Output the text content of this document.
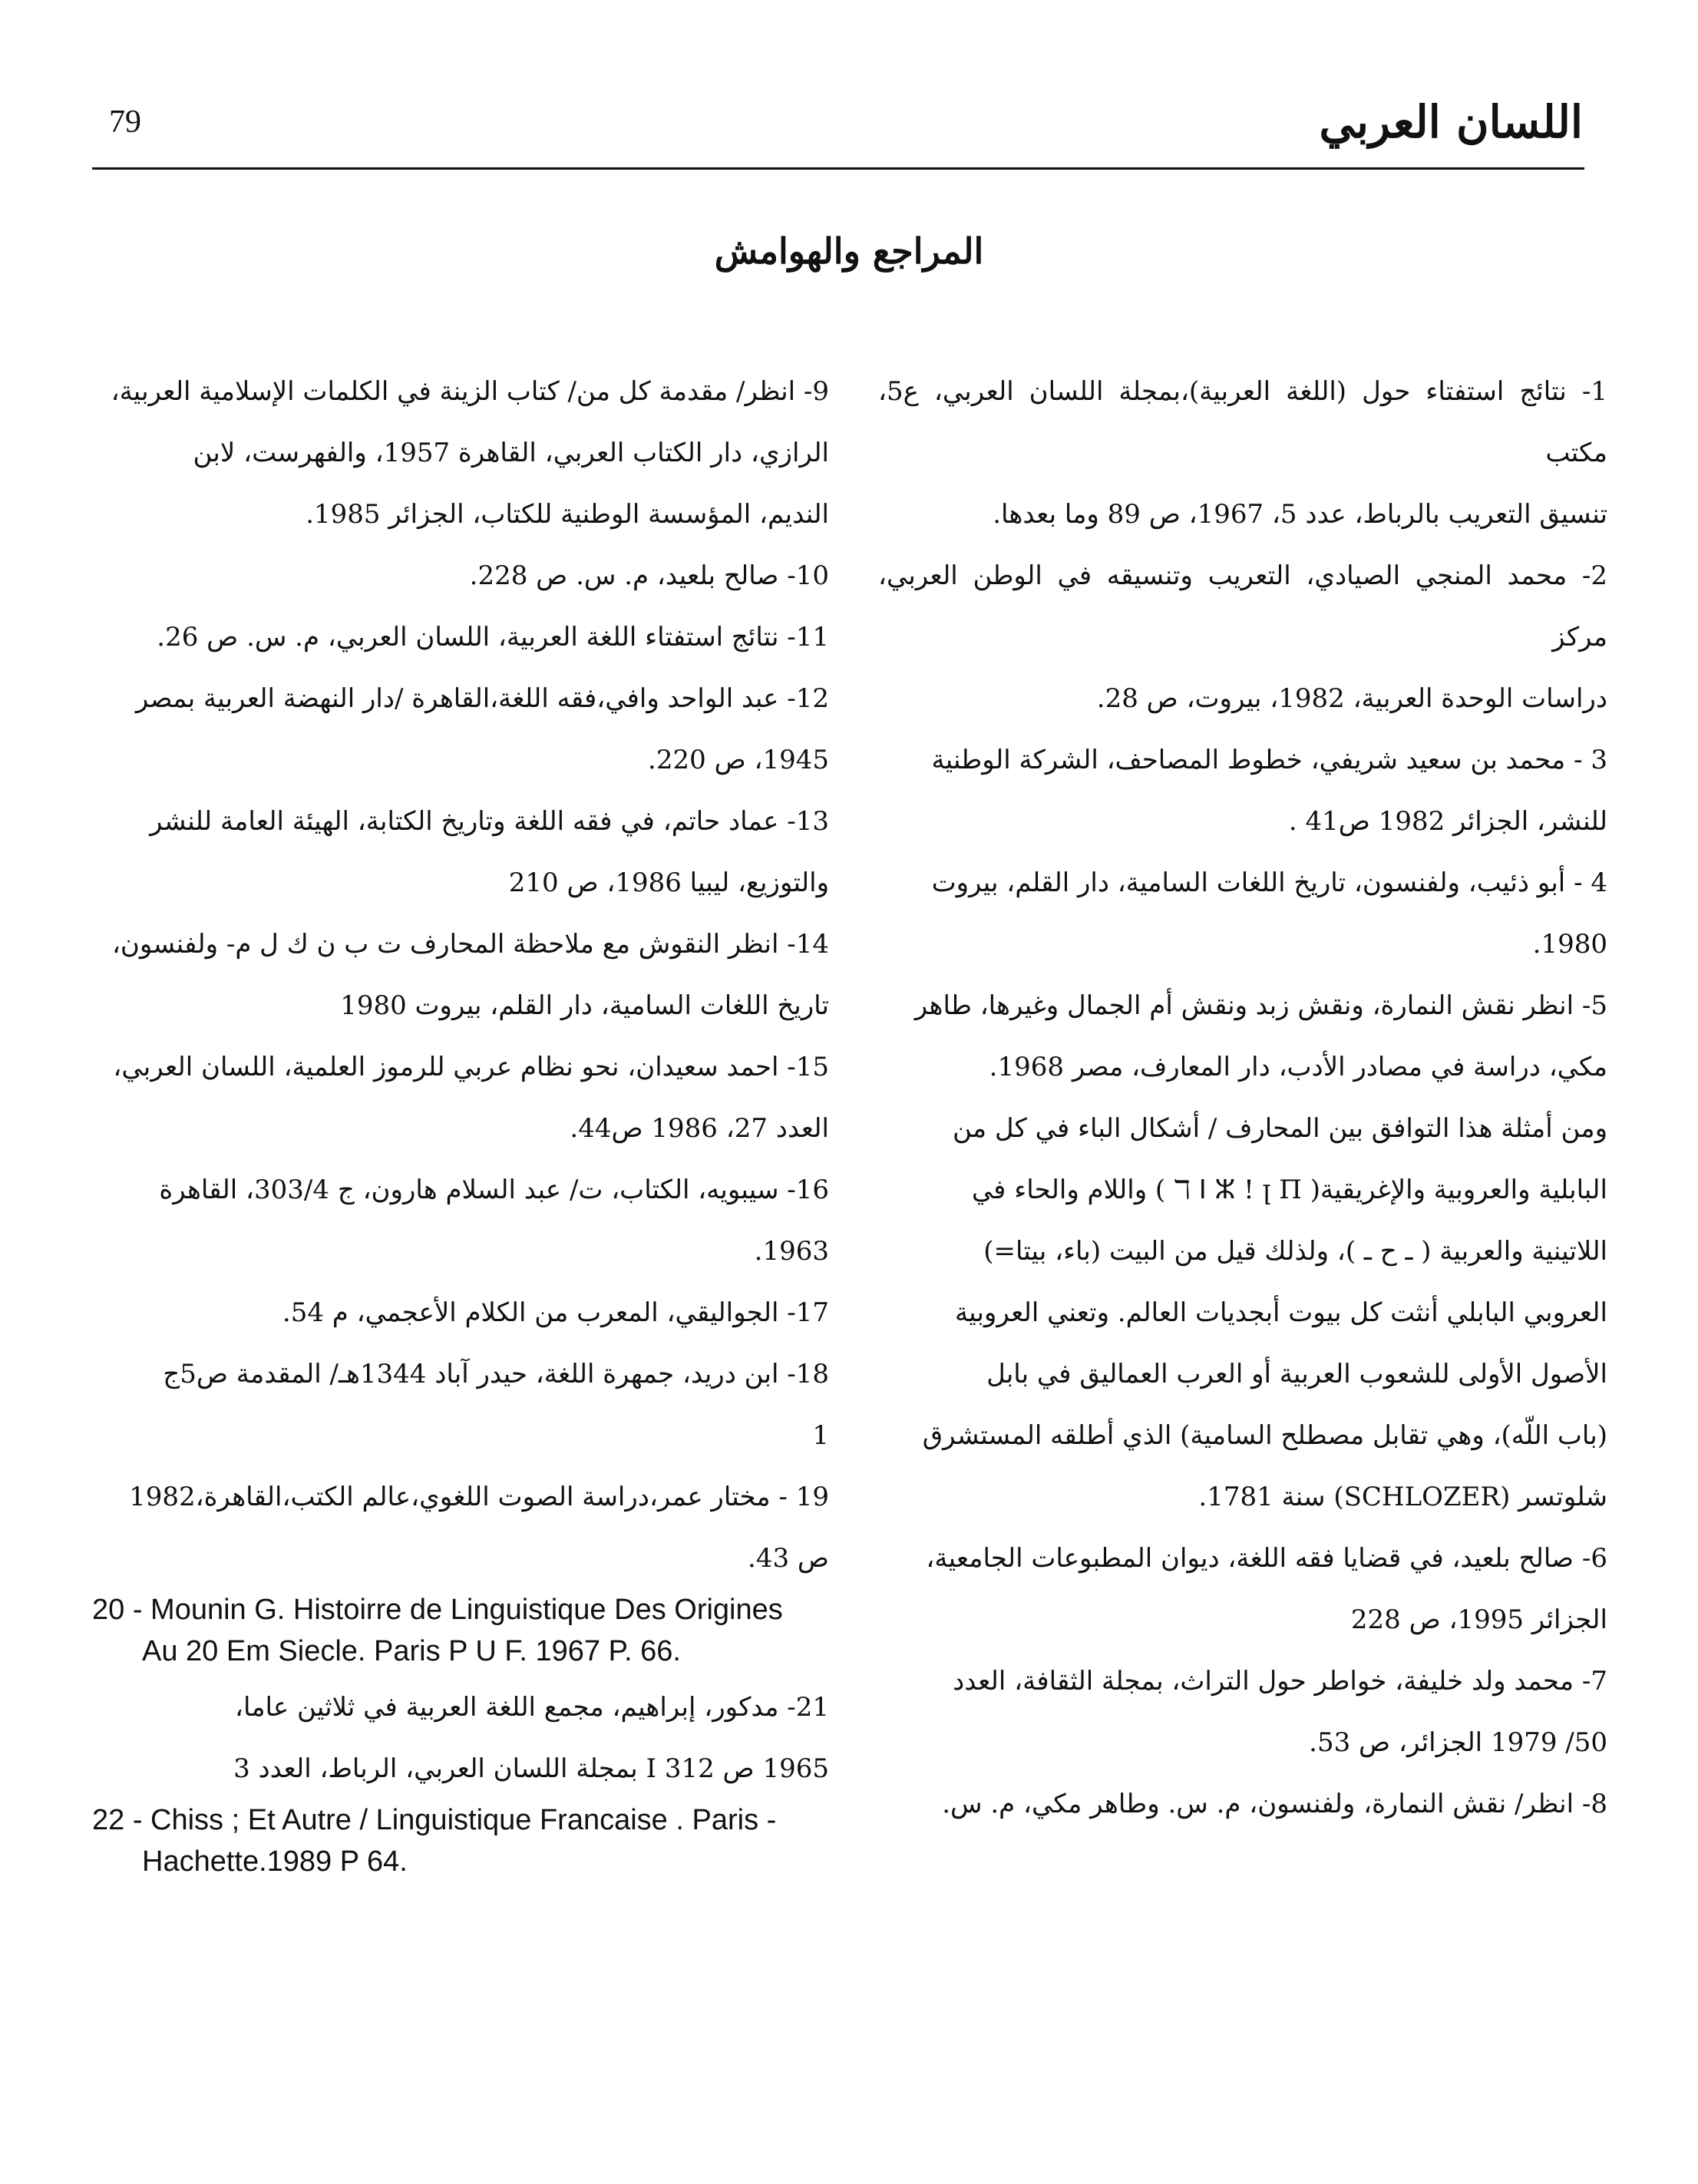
79	اللسان العربي
المراجع والهوامش

1- نتائج استفتاء حول (اللغة العربية)،بمجلة اللسان العربي، ع5، مكتب

تنسيق التعريب بالرباط، عدد 5، 1967، ص 89 وما بعدها.

2- محمد المنجي الصيادي، التعريب وتنسيقه في الوطن العربي، مركز

دراسات الوحدة العربية، 1982، بيروت، ص 28.

3 - محمد بن سعيد شريفي، خطوط المصاحف، الشركة الوطنية

للنشر، الجزائر 1982 ص41 .

4 - أبو ذئيب، ولفنسون، تاريخ اللغات السامية، دار القلم، بيروت

1980.

5- انظر نقش النمارة، ونقش زبد ونقش أم الجمال وغيرها، طاهر

مكي، دراسة في مصادر الأدب، دار المعارف، مصر 1968.

ومن أمثلة هذا التوافق بين المحارف / أشكال الباء في كل من

البابلية والعروبية والإغريقية( ℸ ⵏ ⵣ ! ꞁ Π ) واللام والحاء في

اللاتينية والعربية ( ـ ح ـ )، ولذلك قيل من البيت (باء، بيتا=)

العروبي البابلي أنثت كل بيوت أبجديات العالم. وتعني العروبية

الأصول الأولى للشعوب العربية أو العرب العماليق في بابل

(باب اللّه)، وهي تقابل مصطلح السامية) الذي أطلقه المستشرق

شلوتسر (SCHLOZER) سنة 1781.

6- صالح بلعيد، في قضايا فقه اللغة، ديوان المطبوعات الجامعية،

الجزائر 1995، ص 228

7- محمد ولد خليفة، خواطر حول التراث، بمجلة الثقافة، العدد

50/ 1979 الجزائر، ص 53.

8- انظر/ نقش النمارة، ولفنسون، م. س. وطاهر مكي، م. س.

9- انظر/ مقدمة كل من/ كتاب الزينة في الكلمات الإسلامية العربية،

الرازي، دار الكتاب العربي، القاهرة 1957، والفهرست، لابن

النديم، المؤسسة الوطنية للكتاب، الجزائر 1985.

10- صالح بلعيد، م. س. ص 228.

11- نتائج استفتاء اللغة العربية، اللسان العربي، م. س. ص 26.

12- عبد الواحد وافي،فقه اللغة،القاهرة /دار النهضة العربية بمصر

1945، ص 220.

13- عماد حاتم، في فقه اللغة وتاريخ الكتابة، الهيئة العامة للنشر

والتوزيع، ليبيا 1986، ص 210

14- انظر النقوش مع ملاحظة المحارف ت ب ن ك ل م- ولفنسون،

تاريخ اللغات السامية، دار القلم، بيروت 1980

15- احمد سعيدان، نحو نظام عربي للرموز العلمية، اللسان العربي،

العدد 27، 1986 ص44.

16- سيبويه، الكتاب، ت/ عبد السلام هارون، ج 303/4، القاهرة

1963.

17- الجواليقي، المعرب من الكلام الأعجمي، م 54.

18- ابن دريد، جمهرة اللغة، حيدر آباد 1344هـ/ المقدمة ص5ج

1

19 - مختار عمر،دراسة الصوت اللغوي،عالم الكتب،القاهرة،1982

ص 43.

20 - Mounin G. Histoirre de Linguistique Des Origines

Au 20 Em Siecle. Paris P U F. 1967 P. 66.

21- مدكور، إبراهيم، مجمع اللغة العربية في ثلاثين عاما،

1965 ص 312 I بمجلة اللسان العربي، الرباط، العدد 3

22 - Chiss ; Et Autre / Linguistique Francaise . Paris -

Hachette.1989 P 64.
